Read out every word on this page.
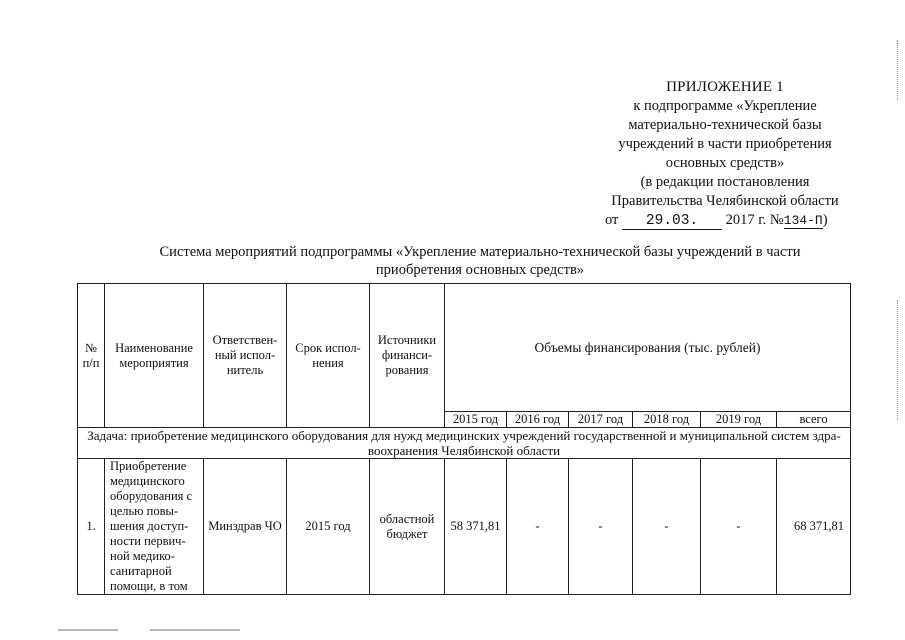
ПРИЛОЖЕНИЕ 1
к подпрограмме «Укрепление
материально-технической базы
учреждений в части приобретения
основных средств»
(в редакции постановления
Правительства Челябинской области
от 29.03. 2017 г. №134-П)
Система мероприятий подпрограммы «Укрепление материально-технической базы учреждений в части
приобретения основных средств»
№ п/п	Наименование мероприятия	Ответствен-ный испол-нитель	Срок испол-нения	Источники финанси-рования	Объемы финансирования (тыс. рублей)					
					2015 год	2016 год	2017 год	2018 год	2019 год	всего
Задача: приобретение медицинского оборудования для нужд медицинских учреждений государственной и муниципальной систем здра-воохранения Челябинской области										
1.	Приобретение медицинского оборудования с целью повы-шения доступ-ности первич-ной медико-санитарной помощи, в том	Минздрав ЧО	2015 год	областной бюджет	58 371,81	-	-	-	-	68 371,81
